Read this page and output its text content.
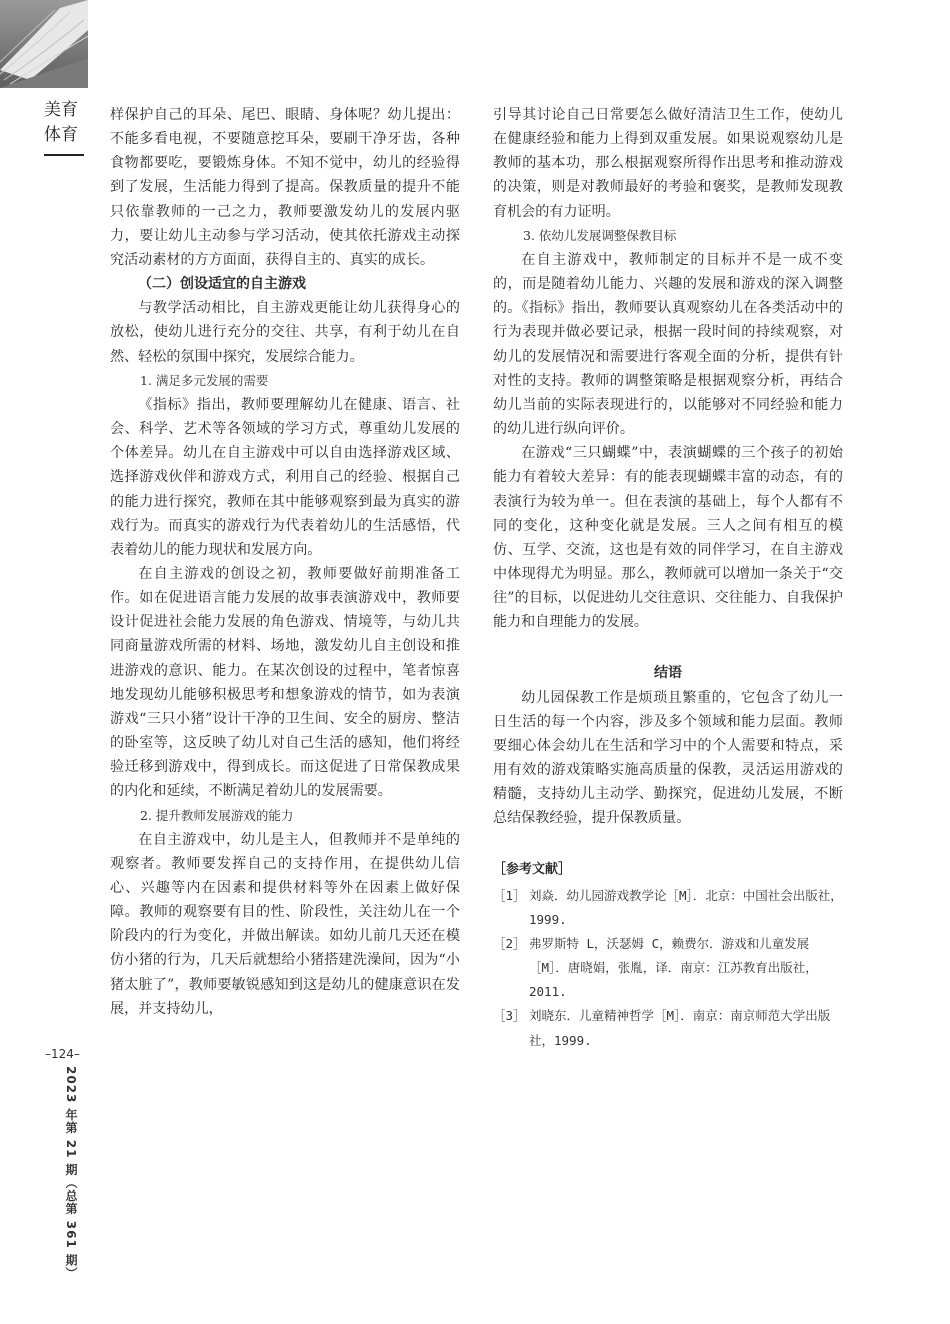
美育体育
–124–
2023 年第 21 期（总第 361 期）

样保护自己的耳朵、尾巴、眼睛、身体呢？幼儿提出：不能多看电视，不要随意挖耳朵，要刷干净牙齿，各种食物都要吃，要锻炼身体。不知不觉中，幼儿的经验得到了发展，生活能力得到了提高。保教质量的提升不能只依靠教师的一己之力，教师要激发幼儿的发展内驱力，要让幼儿主动参与学习活动，使其依托游戏主动探究活动素材的方方面面，获得自主的、真实的成长。

（二）创设适宜的自主游戏

与教学活动相比，自主游戏更能让幼儿获得身心的放松，使幼儿进行充分的交往、共享，有利于幼儿在自然、轻松的氛围中探究，发展综合能力。

1. 满足多元发展的需要

《指标》指出，教师要理解幼儿在健康、语言、社会、科学、艺术等各领域的学习方式，尊重幼儿发展的个体差异。幼儿在自主游戏中可以自由选择游戏区域、选择游戏伙伴和游戏方式，利用自己的经验、根据自己的能力进行探究，教师在其中能够观察到最为真实的游戏行为。而真实的游戏行为代表着幼儿的生活感悟，代表着幼儿的能力现状和发展方向。

在自主游戏的创设之初，教师要做好前期准备工作。如在促进语言能力发展的故事表演游戏中，教师要设计促进社会能力发展的角色游戏、情境等，与幼儿共同商量游戏所需的材料、场地，激发幼儿自主创设和推进游戏的意识、能力。在某次创设的过程中，笔者惊喜地发现幼儿能够积极思考和想象游戏的情节，如为表演游戏“三只小猪”设计干净的卫生间、安全的厨房、整洁的卧室等，这反映了幼儿对自己生活的感知，他们将经验迁移到游戏中，得到成长。而这促进了日常保教成果的内化和延续，不断满足着幼儿的发展需要。

2. 提升教师发展游戏的能力

在自主游戏中，幼儿是主人，但教师并不是单纯的观察者。教师要发挥自己的支持作用，在提供幼儿信心、兴趣等内在因素和提供材料等外在因素上做好保障。教师的观察要有目的性、阶段性，关注幼儿在一个阶段内的行为变化，并做出解读。如幼儿前几天还在模仿小猪的行为，几天后就想给小猪搭建洗澡间，因为“小猪太脏了”，教师要敏锐感知到这是幼儿的健康意识在发展，并支持幼儿，

引导其讨论自己日常要怎么做好清洁卫生工作，使幼儿在健康经验和能力上得到双重发展。如果说观察幼儿是教师的基本功，那么根据观察所得作出思考和推动游戏的决策，则是对教师最好的考验和褒奖，是教师发现教育机会的有力证明。

3. 依幼儿发展调整保教目标

在自主游戏中，教师制定的目标并不是一成不变的，而是随着幼儿能力、兴趣的发展和游戏的深入调整的。《指标》指出，教师要认真观察幼儿在各类活动中的行为表现并做必要记录，根据一段时间的持续观察，对幼儿的发展情况和需要进行客观全面的分析，提供有针对性的支持。教师的调整策略是根据观察分析，再结合幼儿当前的实际表现进行的，以能够对不同经验和能力的幼儿进行纵向评价。

在游戏“三只蝴蝶”中，表演蝴蝶的三个孩子的初始能力有着较大差异：有的能表现蝴蝶丰富的动态，有的表演行为较为单一。但在表演的基础上，每个人都有不同的变化，这种变化就是发展。三人之间有相互的模仿、互学、交流，这也是有效的同伴学习，在自主游戏中体现得尤为明显。那么，教师就可以增加一条关于“交往”的目标，以促进幼儿交往意识、交往能力、自我保护能力和自理能力的发展。

结语

幼儿园保教工作是烦琐且繁重的，它包含了幼儿一日生活的每一个内容，涉及多个领域和能力层面。教师要细心体会幼儿在生活和学习中的个人需要和特点，采用有效的游戏策略实施高质量的保教，灵活运用游戏的精髓，支持幼儿主动学、勤探究，促进幼儿发展，不断总结保教经验，提升保教质量。

［参考文献］
［1］ 刘焱．幼儿园游戏教学论［M］．北京：中国社会出版社，1999.
［2］ 弗罗斯特 L，沃瑟姆 C，赖费尔．游戏和儿童发展［M］．唐晓娟，张胤，译．南京：江苏教育出版社，2011.
［3］ 刘晓东．儿童精神哲学［M］．南京：南京师范大学出版社，1999.
